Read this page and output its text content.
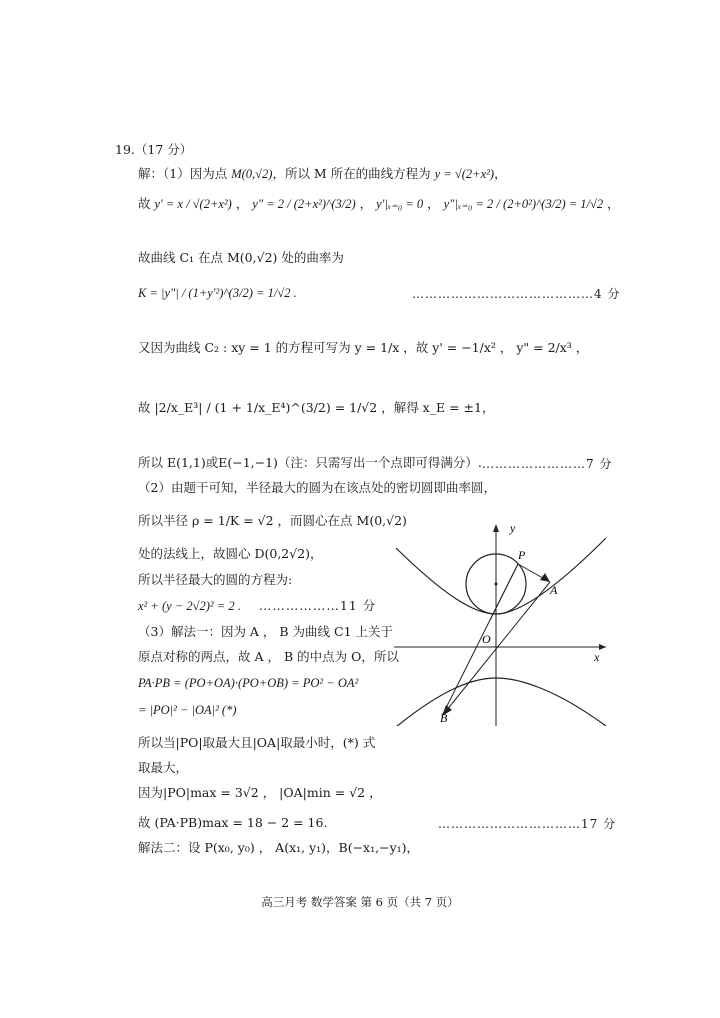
19.（17 分）
解：（1）因为点 M(0,√2)，所以 M 所在的曲线方程为 y = √(2+x²)，
故 y' = x / √(2+x²) ， y" = 2 / (2+x²)^(3/2) ， y'|ₓ₌₀ = 0 ， y"|ₓ₌₀ = 2 / (2+0²)^(3/2) = 1/√2 ，
故曲线 C₁ 在点 M(0,√2) 处的曲率为
K = |y"| / (1+y'²)^(3/2) = 1/√2 .	……………………………………4 分
又因为曲线 C₂ : xy = 1 的方程可写为 y = 1/x ，故 y' = −1/x² ， y" = 2/x³ ，
故 |2/x_E³| / (1 + 1/x_E⁴)^(3/2) = 1/√2 ，解得 x_E = ±1，
所以 E(1,1)或E(−1,−1)（注：只需写出一个点即可得满分）. ……………………7 分
（2）由题干可知，半径最大的圆为在该点处的密切圆即曲率圆，
所以半径 ρ = 1/K = √2 ，而圆心在点 M(0,√2)
处的法线上，故圆心 D(0,2√2)，
所以半径最大的圆的方程为:
x² + (y − 2√2)² = 2 . ………………11 分
（3）解法一：因为 A ， B 为曲线 C1 上关于
原点对称的两点，故 A ， B 的中点为 O，所以
PA·PB = (PO+OA)·(PO+OB) = PO² − OA²
= |PO|² − |OA|² (*)
所以当|PO|取最大且|OA|取最小时，(*) 式
取最大，
因为|PO|max = 3√2 ， |OA|min = √2 ，
故 (PA·PB)max = 18 − 2 = 16.	……………………………17 分
解法二：设 P(x₀, y₀) ， A(x₁, y₁)，B(−x₁,−y₁)，
y
x
P
A
B
O
高三月考 数学答案 第 6 页（共 7 页）
